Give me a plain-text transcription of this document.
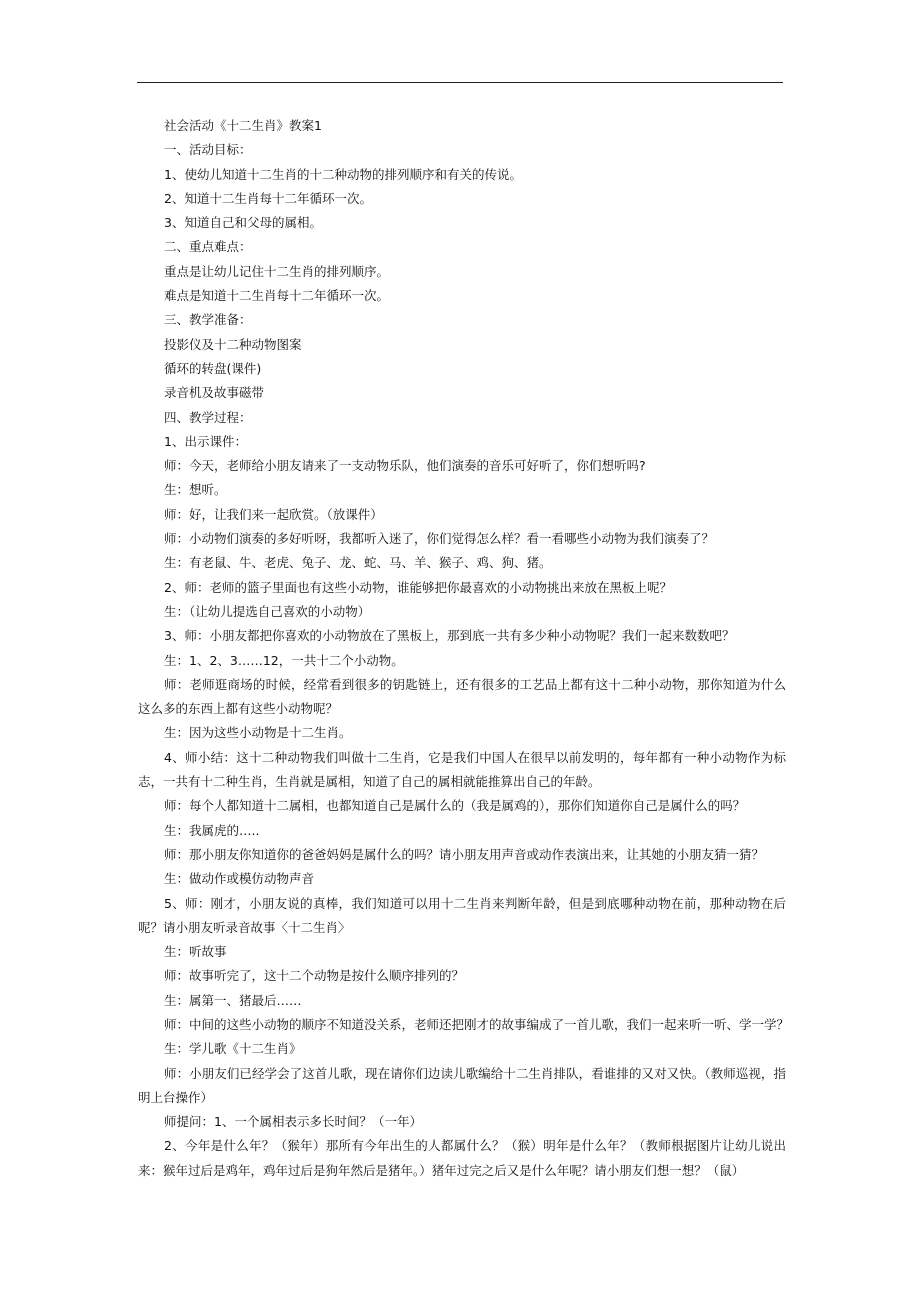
社会活动《十二生肖》教案1
一、活动目标：
1、使幼儿知道十二生肖的十二种动物的排列顺序和有关的传说。
2、知道十二生肖每十二年循环一次。
3、知道自己和父母的属相。
二、重点难点：
重点是让幼儿记住十二生肖的排列顺序。
难点是知道十二生肖每十二年循环一次。
三、教学准备：
投影仪及十二种动物图案
循环的转盘(课件)
录音机及故事磁带
四、教学过程：
1、出示课件：
师：今天，老师给小朋友请来了一支动物乐队，他们演奏的音乐可好听了，你们想听吗?
生：想听。
师：好，让我们来一起欣赏。（放课件）
师：小动物们演奏的多好听呀，我都听入迷了，你们觉得怎么样？看一看哪些小动物为我们演奏了？
生：有老鼠、牛、老虎、兔子、龙、蛇、马、羊、猴子、鸡、狗、猪。
2、师：老师的篮子里面也有这些小动物，谁能够把你最喜欢的小动物挑出来放在黑板上呢？
生：（让幼儿提选自己喜欢的小动物）
3、师：小朋友都把你喜欢的小动物放在了黑板上，那到底一共有多少种小动物呢？我们一起来数数吧？
生：1、2、3……12，一共十二个小动物。
师：老师逛商场的时候，经常看到很多的钥匙链上，还有很多的工艺品上都有这十二种小动物，那你知道为什么这么多的东西上都有这些小动物呢？
生：因为这些小动物是十二生肖。
4、师小结：这十二种动物我们叫做十二生肖，它是我们中国人在很早以前发明的，每年都有一种小动物作为标志，一共有十二种生肖，生肖就是属相，知道了自己的属相就能推算出自己的年龄。
师：每个人都知道十二属相，也都知道自己是属什么的（我是属鸡的），那你们知道你自己是属什么的吗？
生：我属虎的…..
师：那小朋友你知道你的爸爸妈妈是属什么的吗？请小朋友用声音或动作表演出来，让其她的小朋友猜一猜？
生：做动作或模仿动物声音
5、师：刚才，小朋友说的真棒，我们知道可以用十二生肖来判断年龄，但是到底哪种动物在前，那种动物在后呢？请小朋友听录音故事〈十二生肖〉
生：听故事
师：故事听完了，这十二个动物是按什么顺序排列的？
生：属第一、猪最后……
师：中间的这些小动物的顺序不知道没关系，老师还把刚才的故事编成了一首儿歌，我们一起来听一听、学一学？
生：学儿歌《十二生肖》
师：小朋友们已经学会了这首儿歌，现在请你们边读儿歌编给十二生肖排队，看谁排的又对又快。（教师巡视，指明上台操作）
师提问：1、一个属相表示多长时间？（一年）
2、今年是什么年？（猴年）那所有今年出生的人都属什么？（猴）明年是什么年？（教师根据图片让幼儿说出来：猴年过后是鸡年，鸡年过后是狗年然后是猪年。）猪年过完之后又是什么年呢？请小朋友们想一想？（鼠）
